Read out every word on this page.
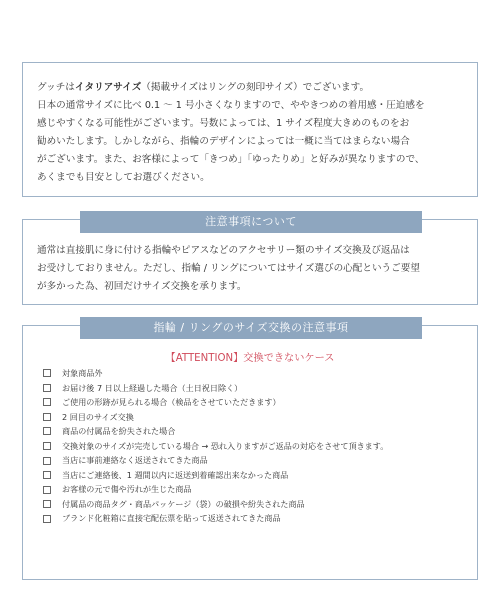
グッチはイタリアサイズ（掲載サイズはリングの刻印サイズ）でございます。

日本の通常サイズに比べ 0.1 ～ 1 号小さくなりますので、ややきつめの着用感・圧迫感を

感じやすくなる可能性がございます。号数によっては、1 サイズ程度大きめのものをお

勧めいたします。しかしながら、指輪のデザインによっては一概に当てはまらない場合

がございます。また、お客様によって「きつめ」「ゆったりめ」と好みが異なりますので、

あくまでも目安としてお選びください。

注意事項について

通常は直接肌に身に付ける指輪やピアスなどのアクセサリー類のサイズ交換及び返品は

お受けしておりません。ただし、指輪 / リングについてはサイズ選びの心配というご要望

が多かった為、初回だけサイズ交換を承ります。

指輪 / リングのサイズ交換の注意事項
【ATTENTION】交換できないケース
対象商品外
お届け後 7 日以上経過した場合（土日祝日除く）
ご使用の形跡が見られる場合（検品をさせていただきます）
2 回目のサイズ交換
商品の付属品を紛失された場合
交換対象のサイズが完売している場合 → 恐れ入りますがご返品の対応をさせて頂きます。
当店に事前連絡なく返送されてきた商品
当店にご連絡後、1 週間以内に返送到着確認出来なかった商品
お客様の元で傷や汚れが生じた商品
付属品の商品タグ・商品パッケージ（袋）の破損や紛失された商品
ブランド化粧箱に直接宅配伝票を貼って返送されてきた商品
